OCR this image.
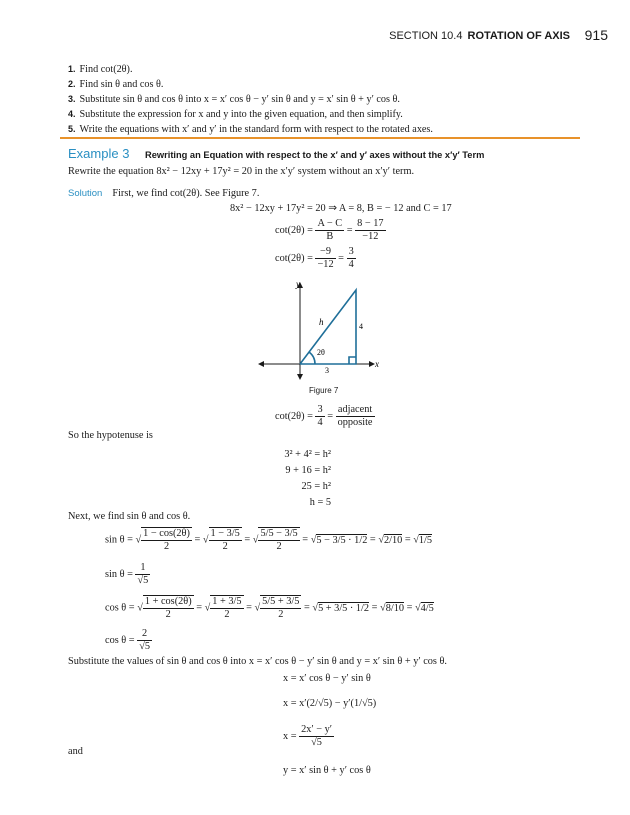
SECTION 10.4 ROTATION OF AXIS 915
1. Find cot(2θ).
2. Find sin θ and cos θ.
3. Substitute sin θ and cos θ into x = x′ cos θ − y′ sin θ and y = x′ sin θ + y′ cos θ.
4. Substitute the expression for x and y into the given equation, and then simplify.
5. Write the equations with x′ and y′ in the standard form with respect to the rotated axes.
Example 3 Rewriting an Equation with respect to the x′ and y′ axes without the x′y′ Term
Rewrite the equation 8x² − 12xy + 17y² = 20 in the x′y′ system without an x′y′ term.
Solution First, we find cot(2θ). See Figure 7.
8x² − 12xy + 17y² = 20 ⇒ A = 8, B = − 12 and C = 17
$\cot(2\theta) = \frac{A - C}{B} = \frac{8 - 17}{-12}$
$\cot(2\theta) = \frac{-9}{-12} = \frac{3}{4}$
y
x
h	4
3
2θ
Figure 7
$\cot(2\theta) = \frac{3}{4} = \frac{\text{adjacent}}{\text{opposite}}$
So the hypotenuse is
3² + 4² = h²
9 + 16 = h²
25 = h²
h = 5
Next, we find sin θ and cos θ.
sin θ = √ $\frac{1 - \cos(2\theta)}{2}$ = √ $\frac{1 - 3/5}{2}$ = √ $\frac{5/5 - 3/5}{2} = √5 - 3/5 \cdot 1/2 = √2/10 = √1/5$
$\sin \theta = \frac{1}{√5}$
cos θ = √ $\frac{1 + \cos(2\theta)}{2}$ = √ $\frac{1 + 3/5}{2}$ = √ $\frac{5/5 + 3/5}{2} = √5 + 3/5 \cdot 1/2 = √8/10 = √4/5$
$\cos \theta = \frac{2}{√5}$
Substitute the values of sin θ and cos θ into x = x′ cos θ − y′ sin θ and y = x′ sin θ + y′ cos θ.
x = x′ cos θ − y′ sin θ
x = x′(2/√5) − y′(1/√5)
$x = \frac{2x' - y'}{√5}$
and
y = x′ sin θ + y′ cos θ
